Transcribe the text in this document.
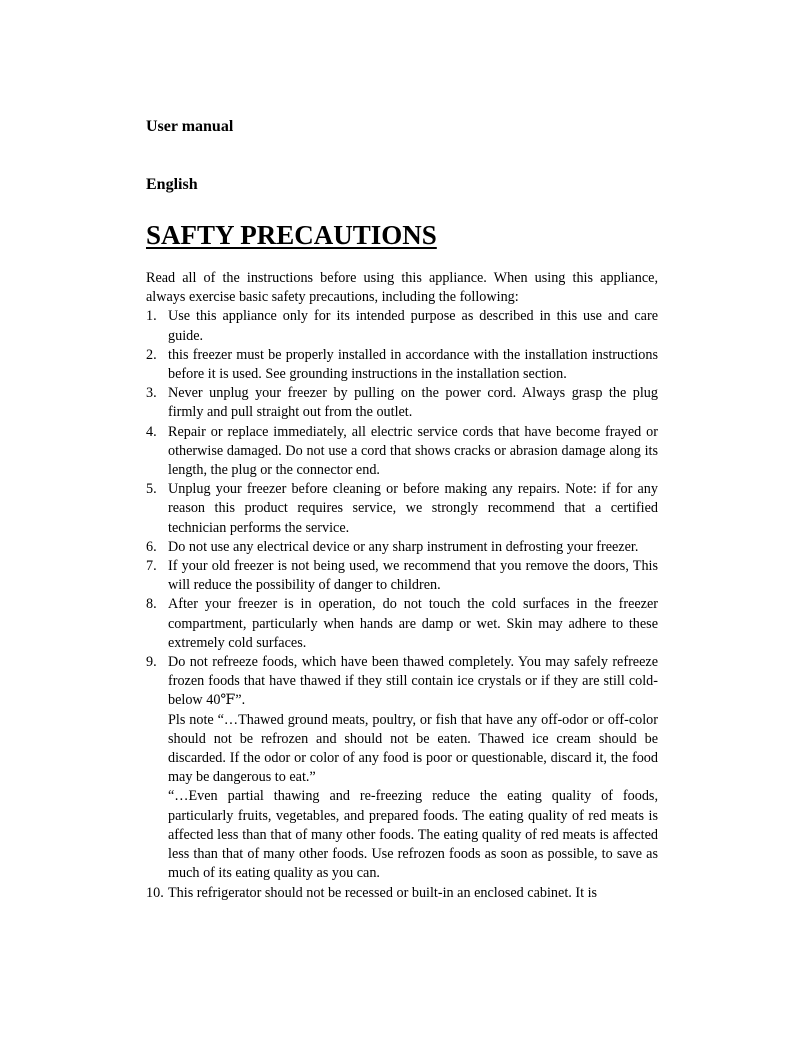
User manual

English

SAFTY PRECAUTIONS

Read all of the instructions before using this appliance. When using this appliance, always exercise basic safety precautions, including the following:

1. Use this appliance only for its intended purpose as described in this use and care guide.
2. this freezer must be properly installed in accordance with the installation instructions before it is used. See grounding instructions in the installation section.
3. Never unplug your freezer by pulling on the power cord. Always grasp the plug firmly and pull straight out from the outlet.
4. Repair or replace immediately, all electric service cords that have become frayed or otherwise damaged. Do not use a cord that shows cracks or abrasion damage along its length, the plug or the connector end.
5. Unplug your freezer before cleaning or before making any repairs. Note: if for any reason this product requires service, we strongly recommend that a certified technician performs the service.
6. Do not use any electrical device or any sharp instrument in defrosting your freezer.
7. If your old freezer is not being used, we recommend that you remove the doors, This will reduce the possibility of danger to children.
8. After your freezer is in operation, do not touch the cold surfaces in the freezer compartment, particularly when hands are damp or wet. Skin may adhere to these extremely cold surfaces.
9. Do not refreeze foods, which have been thawed completely. You may safely refreeze frozen foods that have thawed if they still contain ice crystals or if they are still cold-below 40℉”.
Pls note “…Thawed ground meats, poultry, or fish that have any off-odor or off-color should not be refrozen and should not be eaten. Thawed ice cream should be discarded. If the odor or color of any food is poor or questionable, discard it, the food may be dangerous to eat.”
“…Even partial thawing and re-freezing reduce the eating quality of foods, particularly fruits, vegetables, and prepared foods. The eating quality of red meats is affected less than that of many other foods. The eating quality of red meats is affected less than that of many other foods. Use refrozen foods as soon as possible, to save as much of its eating quality as you can.
10. This refrigerator should not be recessed or built-in an enclosed cabinet. It is
